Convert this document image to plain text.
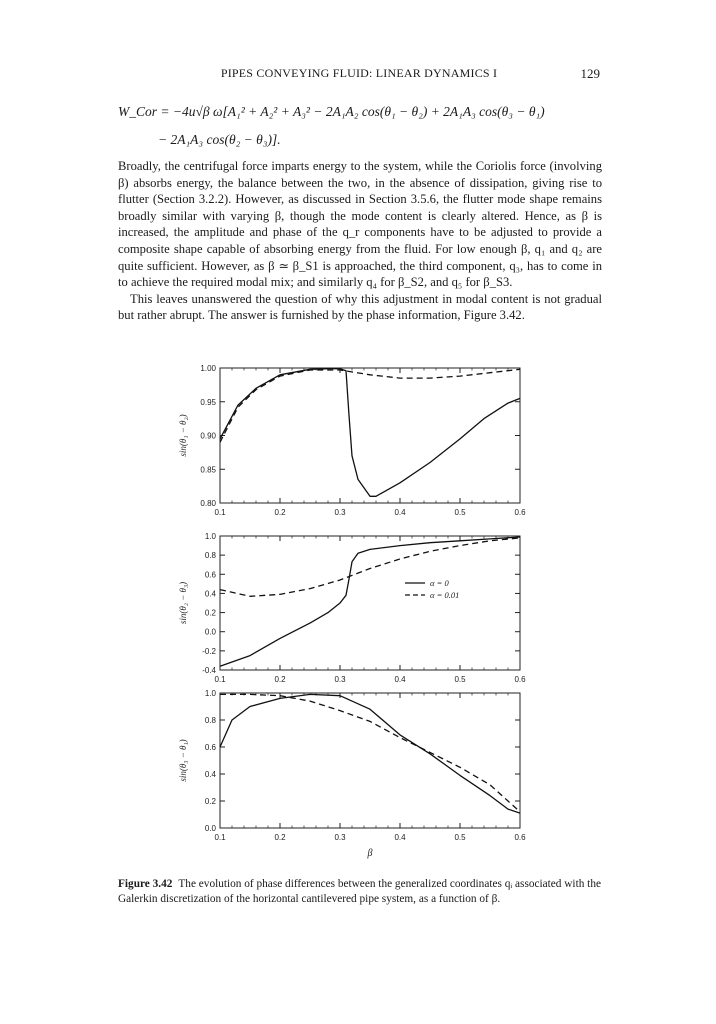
PIPES CONVEYING FLUID: LINEAR DYNAMICS I	129
W_Cor = −4u√β ω[A₁² + A₂² + A₃² − 2A₁A₂ cos(θ₁ − θ₂) + 2A₁A₃ cos(θ₃ − θ₁)
− 2A₁A₃ cos(θ₂ − θ₃)].

Broadly, the centrifugal force imparts energy to the system, while the Coriolis force (involving β) absorbs energy, the balance between the two, in the absence of dissipation, giving rise to flutter (Section 3.2.2). However, as discussed in Section 3.5.6, the flutter mode shape remains broadly similar with varying β, though the mode content is clearly altered. Hence, as β is increased, the amplitude and phase of the q_r components have to be adjusted to provide a composite shape capable of absorbing energy from the fluid. For low enough β, q₁ and q₂ are quite sufficient. However, as β ≃ β_S1 is approached, the third component, q₃, has to come in to achieve the required modal mix; and similarly q₄ for β_S2, and q₅ for β_S3.

This leaves unanswered the question of why this adjustment in modal content is not gradual but rather abrupt. The answer is furnished by the phase information, Figure 3.42.

0.1	0.2	0.3	0.4	0.5	0.6
0.80
0.85
0.90
0.95
1.00
sin(θ₁ − θ₂)
0.1	0.2	0.3	0.4	0.5	0.6
-0.4
-0.2
0.0
0.2
0.4
0.6
0.8
1.0
sin(θ₂ − θ₃)	α = 0
α = 0.01
0.1	0.2	0.3	0.4	0.5	0.6
0.0
0.2
0.4
0.6
0.8
1.0
sin(θ₃ − θ₁)
β
Figure 3.42 The evolution of phase differences between the generalized coordinates qᵢ associated with the Galerkin discretization of the horizontal cantilevered pipe system, as a function of β.
